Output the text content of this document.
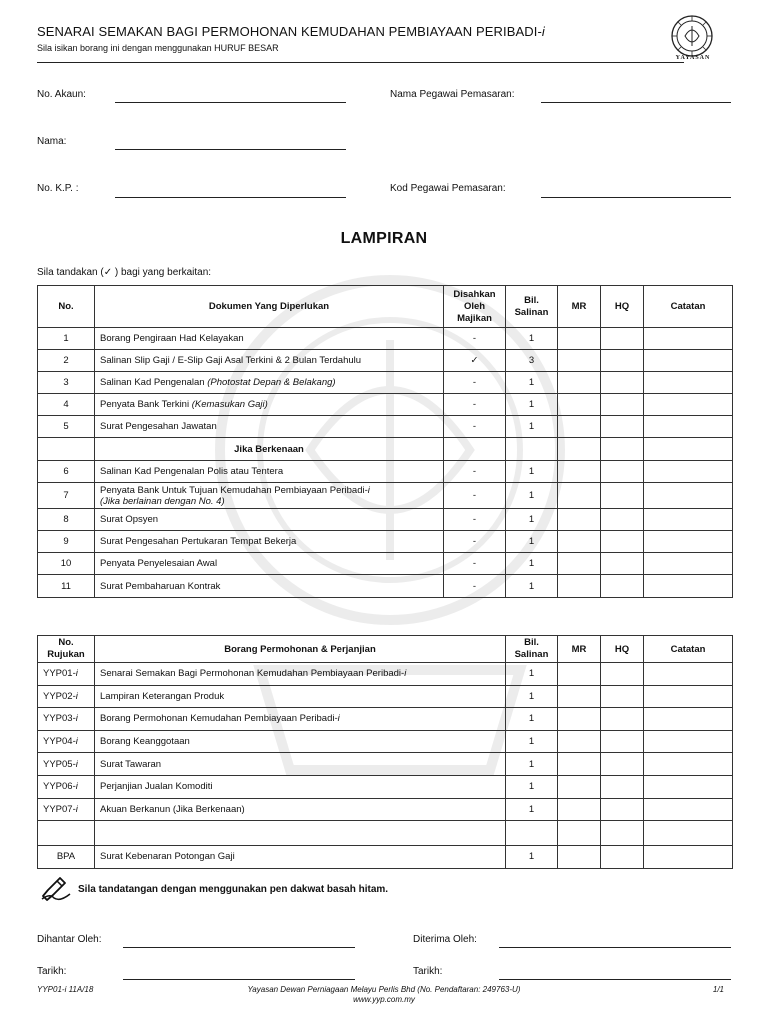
SENARAI SEMAKAN BAGI PERMOHONAN KEMUDAHAN PEMBIAYAAN PERIBADI-i
Sila isikan borang ini dengan menggunakan HURUF BESAR
YAYASAN
No. Akaun:	Nama Pegawai Pemasaran:
Nama:
No. K.P. :	Kod Pegawai Pemasaran:
LAMPIRAN
Sila tandakan (✓ ) bagi yang berkaitan:
No.	Dokumen Yang Diperlukan	Disahkan Oleh Majikan	Bil. Salinan	MR	HQ	Catatan
1	Borang Pengiraan Had Kelayakan	-	1			
2	Salinan Slip Gaji / E-Slip Gaji Asal Terkini & 2 Bulan Terdahulu	✓	3			
3	Salinan Kad Pengenalan (Photostat Depan & Belakang)	-	1			
4	Penyata Bank Terkini (Kemasukan Gaji)	-	1			
5	Surat Pengesahan Jawatan	-	1			
	Jika Berkenaan					
6	Salinan Kad Pengenalan Polis atau Tentera	-	1			
7	Penyata Bank Untuk Tujuan Kemudahan Pembiayaan Peribadi-i
(Jika berlainan dengan No. 4)	-	1			
8	Surat Opsyen	-	1			
9	Surat Pengesahan Pertukaran Tempat Bekerja	-	1			
10	Penyata Penyelesaian Awal	-	1			
11	Surat Pembaharuan Kontrak	-	1			
No. Rujukan	Borang Permohonan & Perjanjian	Bil. Salinan	MR	HQ	Catatan
YYP01-i	Senarai Semakan Bagi Permohonan Kemudahan Pembiayaan Peribadi-i	1			
YYP02-i	Lampiran Keterangan Produk	1			
YYP03-i	Borang Permohonan Kemudahan Pembiayaan Peribadi-i	1			
YYP04-i	Borang Keanggotaan	1			
YYP05-i	Surat Tawaran	1			
YYP06-i	Perjanjian Jualan Komoditi	1			
YYP07-i	Akuan Berkanun (Jika Berkenaan)	1			

BPA	Surat Kebenaran Potongan Gaji	1			
Sila tandatangan dengan menggunakan pen dakwat basah hitam.
Dihantar Oleh:	Diterima Oleh:
Tarikh:	Tarikh:
YYP01-i 11A/18	Yayasan Dewan Perniagaan Melayu Perlis Bhd (No. Pendaftaran: 249763-U)
www.yyp.com.my
1/1
